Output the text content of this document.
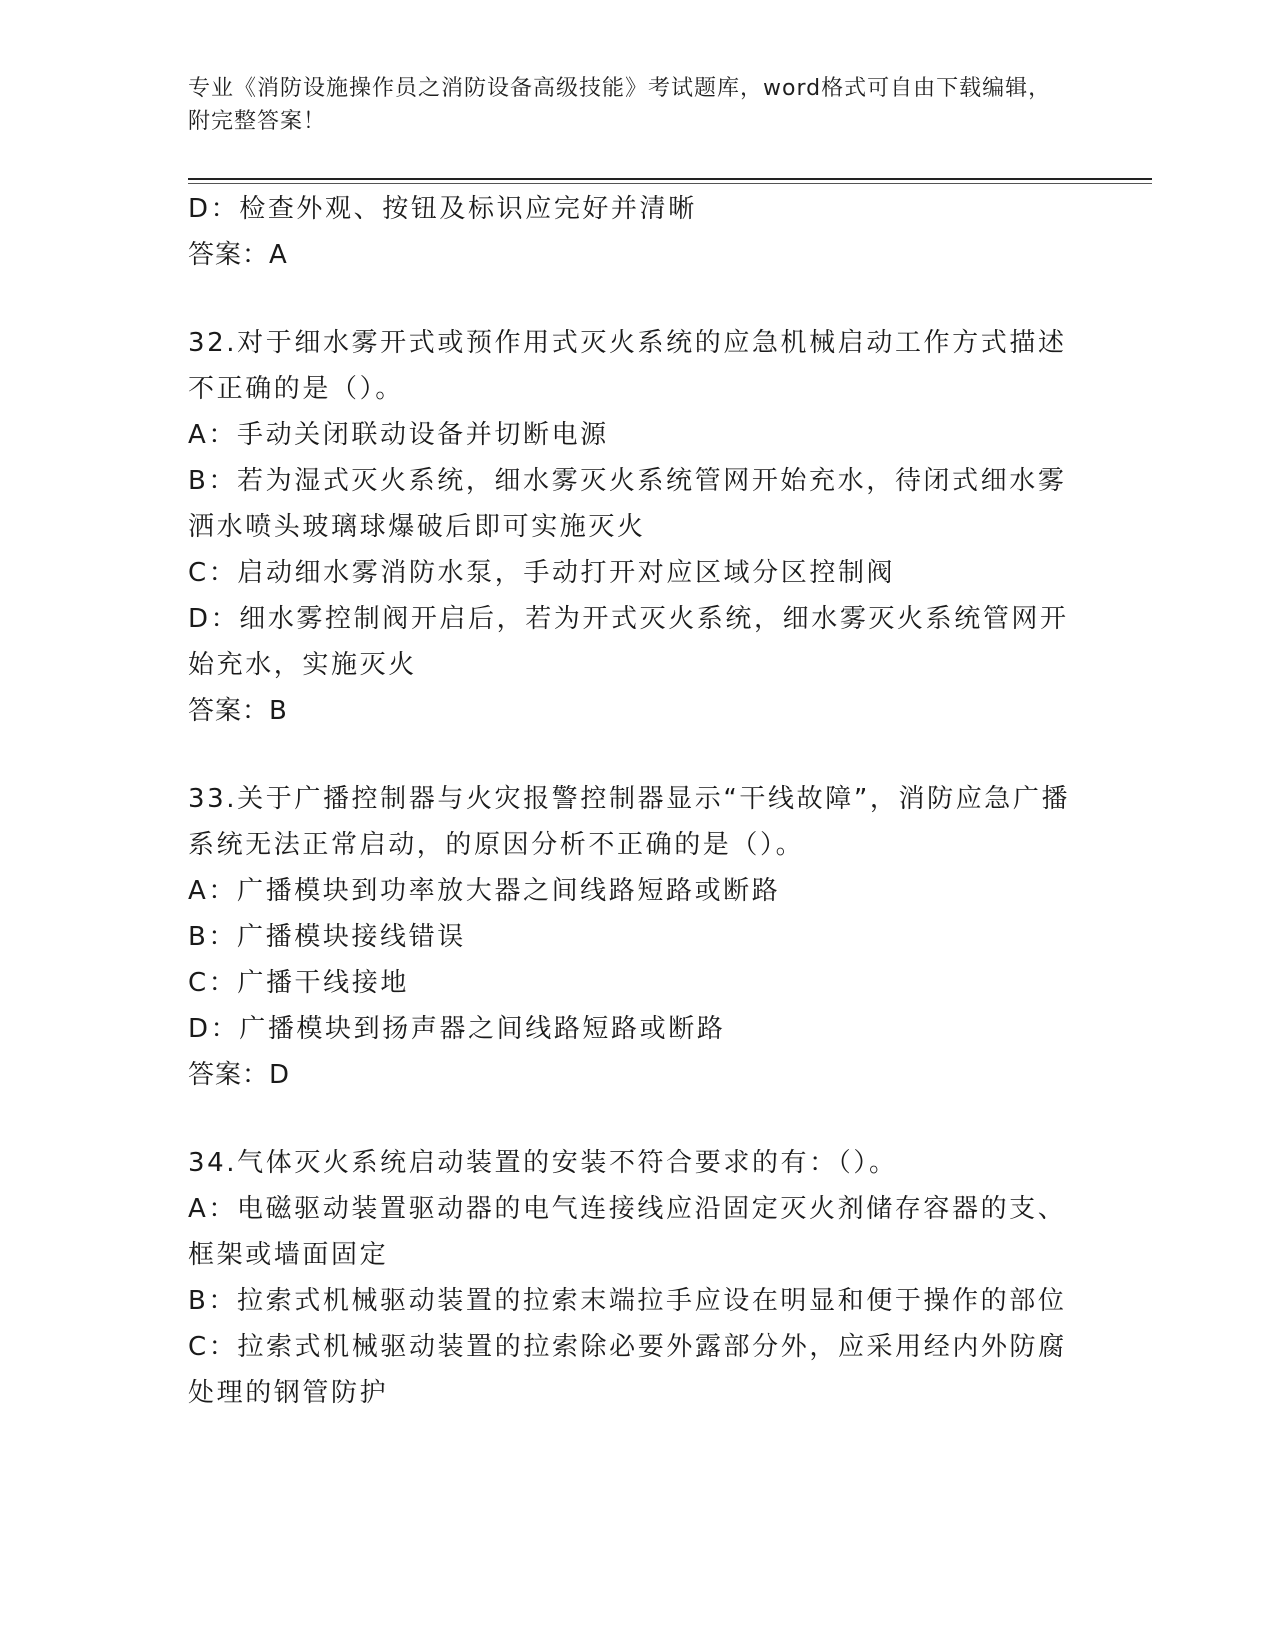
专业《消防设施操作员之消防设备高级技能》考试题库，word格式可自由下载编辑，附完整答案！
D：检查外观、按钮及标识应完好并清晰
答案：A
32.对于细水雾开式或预作用式灭火系统的应急机械启动工作方式描述不正确的是（）。
A：手动关闭联动设备并切断电源
B：若为湿式灭火系统，细水雾灭火系统管网开始充水，待闭式细水雾洒水喷头玻璃球爆破后即可实施灭火
C：启动细水雾消防水泵，手动打开对应区域分区控制阀
D：细水雾控制阀开启后，若为开式灭火系统，细水雾灭火系统管网开始充水，实施灭火
答案：B
33.关于广播控制器与火灾报警控制器显示“干线故障”，消防应急广播系统无法正常启动，的原因分析不正确的是（）。
A：广播模块到功率放大器之间线路短路或断路
B：广播模块接线错误
C：广播干线接地
D：广播模块到扬声器之间线路短路或断路
答案：D
34.气体灭火系统启动装置的安装不符合要求的有：（）。
A：电磁驱动装置驱动器的电气连接线应沿固定灭火剂储存容器的支、框架或墙面固定
B：拉索式机械驱动装置的拉索末端拉手应设在明显和便于操作的部位
C：拉索式机械驱动装置的拉索除必要外露部分外，应采用经内外防腐处理的钢管防护
